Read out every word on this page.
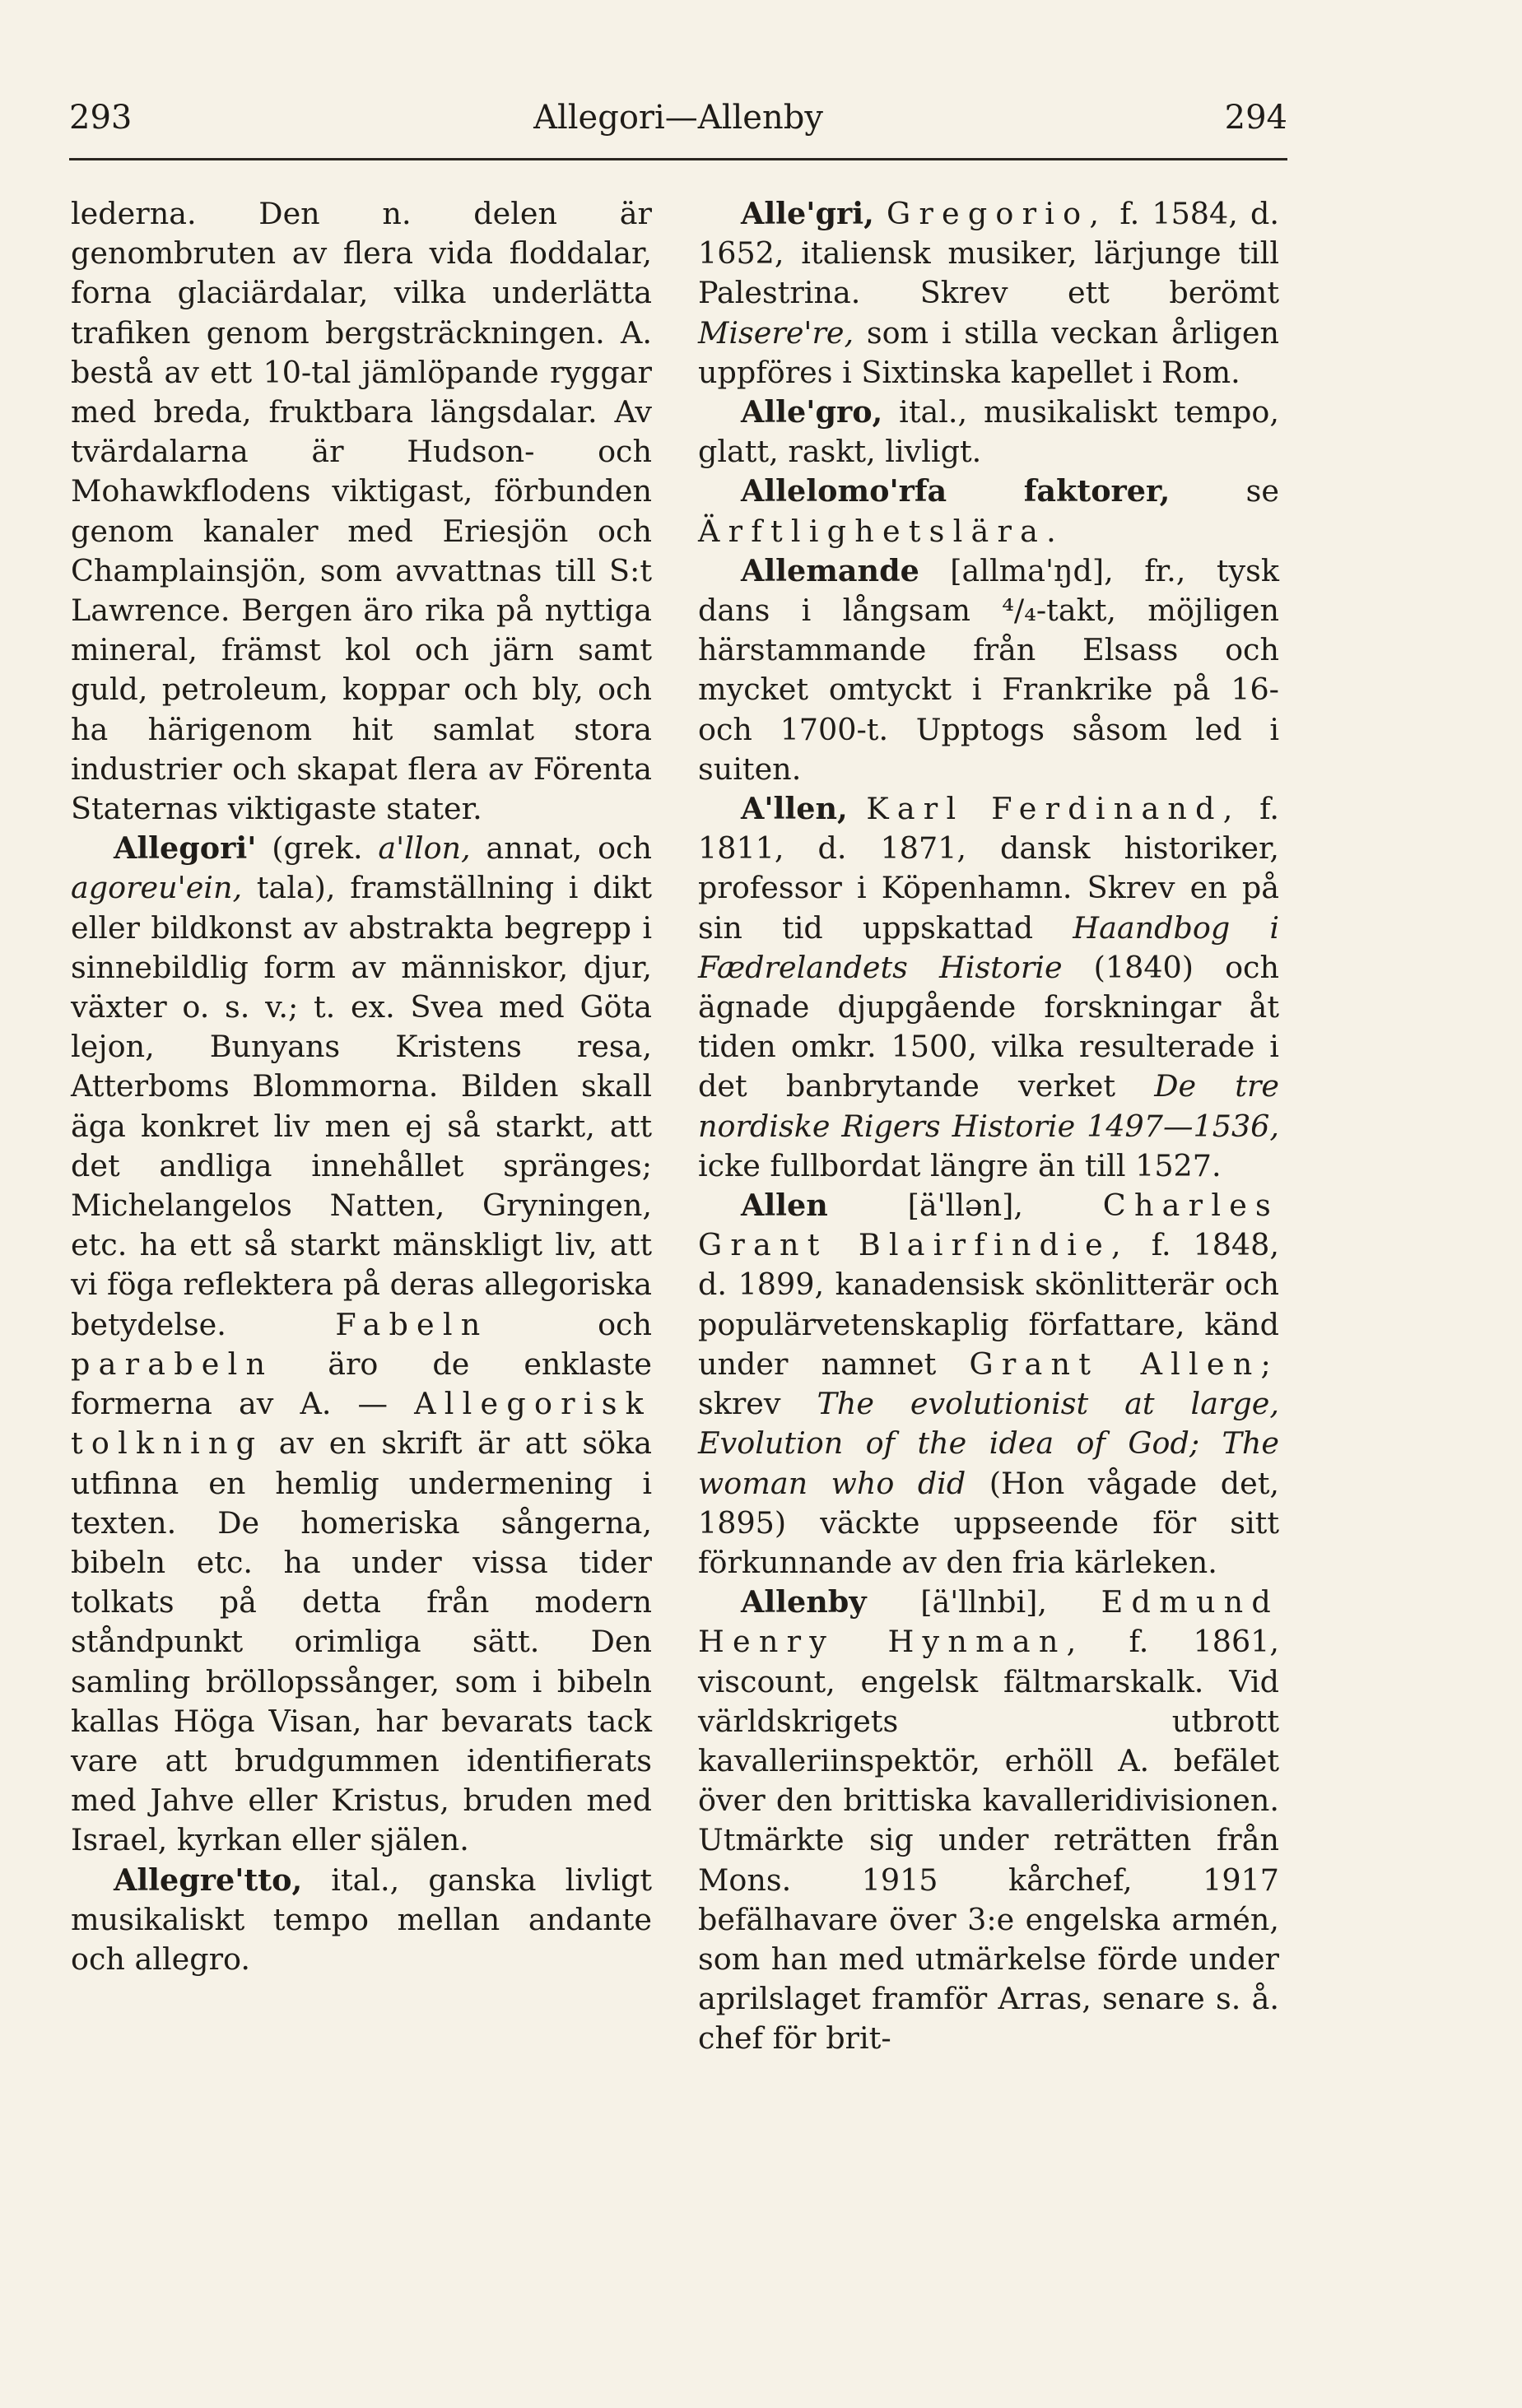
293	Allegori—Allenby	294

lederna. Den n. delen är genombruten av flera vida floddalar, forna glaciärdalar, vilka underlätta trafiken genom bergsträckningen. A. bestå av ett 10-tal jämlöpande ryggar med breda, fruktbara längsdalar. Av tvärdalarna är Hudson- och Mohawkflodens viktigast, förbunden genom kanaler med Eriesjön och Champlainsjön, som avvattnas till S:t Lawrence. Bergen äro rika på nyttiga mineral, främst kol och järn samt guld, petroleum, koppar och bly, och ha härigenom hit samlat stora industrier och skapat flera av Förenta Staternas viktigaste stater.

Allegori' (grek. a'llon, annat, och agoreu'ein, tala), framställning i dikt eller bildkonst av abstrakta begrepp i sinnebildlig form av människor, djur, växter o. s. v.; t. ex. Svea med Göta lejon, Bunyans Kristens resa, Atterboms Blommorna. Bilden skall äga konkret liv men ej så starkt, att det andliga innehållet spränges; Michelangelos Natten, Gryningen, etc. ha ett så starkt mänskligt liv, att vi föga reflektera på deras allegoriska betydelse. Fabeln och parabeln äro de enklaste formerna av A. — Allegorisk tolkning av en skrift är att söka utfinna en hemlig undermening i texten. De homeriska sångerna, bibeln etc. ha under vissa tider tolkats på detta från modern ståndpunkt orimliga sätt. Den samling bröllopssånger, som i bibeln kallas Höga Visan, har bevarats tack vare att brudgummen identifierats med Jahve eller Kristus, bruden med Israel, kyrkan eller själen.

Allegre'tto, ital., ganska livligt musikaliskt tempo mellan andante och allegro.

Alle'gri, Gregorio, f. 1584, d. 1652, italiensk musiker, lärjunge till Palestrina. Skrev ett berömt Misere're, som i stilla veckan årligen uppföres i Sixtinska kapellet i Rom.

Alle'gro, ital., musikaliskt tempo, glatt, raskt, livligt.

Allelomo'rfa faktorer, se Ärftlighetslära.

Allemande [allma'ŋd], fr., tysk dans i långsam ⁴/₄-takt, möjligen härstammande från Elsass och mycket omtyckt i Frankrike på 16- och 1700-t. Upptogs såsom led i suiten.

A'llen, Karl Ferdinand, f. 1811, d. 1871, dansk historiker, professor i Köpenhamn. Skrev en på sin tid uppskattad Haandbog i Fædrelandets Historie (1840) och ägnade djupgående forskningar åt tiden omkr. 1500, vilka resulterade i det banbrytande verket De tre nordiske Rigers Historie 1497—1536, icke fullbordat längre än till 1527.

Allen [ä'llən], Charles Grant Blairfindie, f. 1848, d. 1899, kanadensisk skönlitterär och populärvetenskaplig författare, känd under namnet Grant Allen; skrev The evolutionist at large, Evolution of the idea of God; The woman who did (Hon vågade det, 1895) väckte uppseende för sitt förkunnande av den fria kärleken.

Allenby [ä'llnbi], Edmund Henry Hynman, f. 1861, viscount, engelsk fältmarskalk. Vid världskrigets utbrott kavalleriinspektör, erhöll A. befälet över den brittiska kavalleridivisionen. Utmärkte sig under reträtten från Mons. 1915 kårchef, 1917 befälhavare över 3:e engelska armén, som han med utmärkelse förde under aprilslaget framför Arras, senare s. å. chef för brit-
